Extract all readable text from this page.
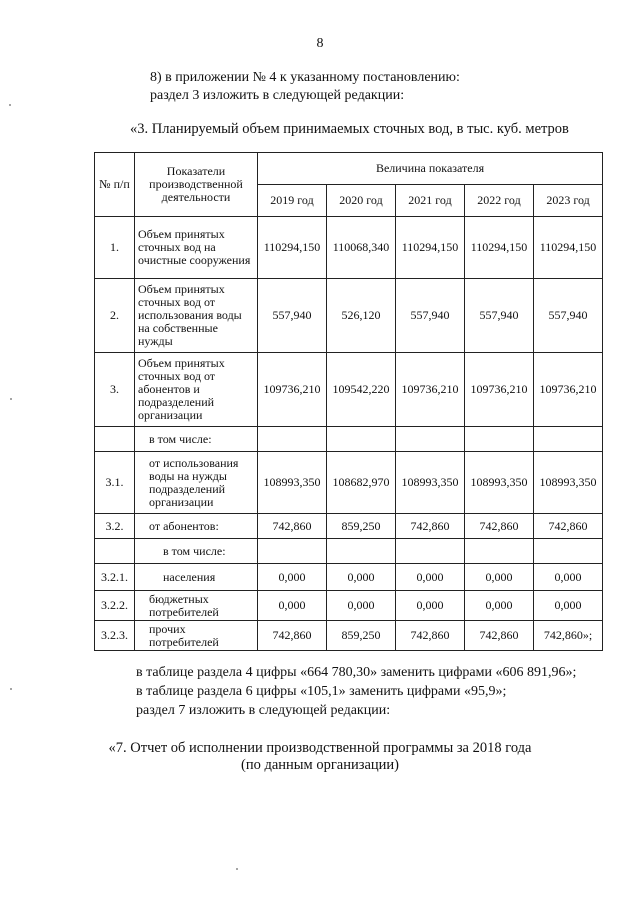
8
8) в приложении № 4 к указанному постановлению:
раздел 3 изложить в следующей редакции:
«3. Планируемый объем принимаемых сточных вод, в тыс. куб. метров
№ п/п	Показатели производственной деятельности	Величина показателя				
		2019 год	2020 год	2021 год	2022 год	2023 год
1.	Объем принятых сточных вод на очистные сооружения	110294,150	110068,340	110294,150	110294,150	110294,150
2.	Объем принятых сточных вод от использования воды на собственные нужды	557,940	526,120	557,940	557,940	557,940
3.	Объем принятых сточных вод от абонентов и подразделений организации	109736,210	109542,220	109736,210	109736,210	109736,210
	в том числе:					
3.1.	от использования воды на нужды подразделений организации	108993,350	108682,970	108993,350	108993,350	108993,350
3.2.	от абонентов:	742,860	859,250	742,860	742,860	742,860
	в том числе:					
3.2.1.	населения	0,000	0,000	0,000	0,000	0,000
3.2.2.	бюджетных потребителей	0,000	0,000	0,000	0,000	0,000
3.2.3.	прочих потребителей	742,860	859,250	742,860	742,860	742,860»;
в таблице раздела 4 цифры «664 780,30» заменить цифрами «606 891,96»;
в таблице раздела 6 цифры «105,1» заменить цифрами «95,9»;
раздел 7 изложить в следующей редакции:
«7. Отчет об исполнении производственной программы за 2018 года
(по данным организации)
